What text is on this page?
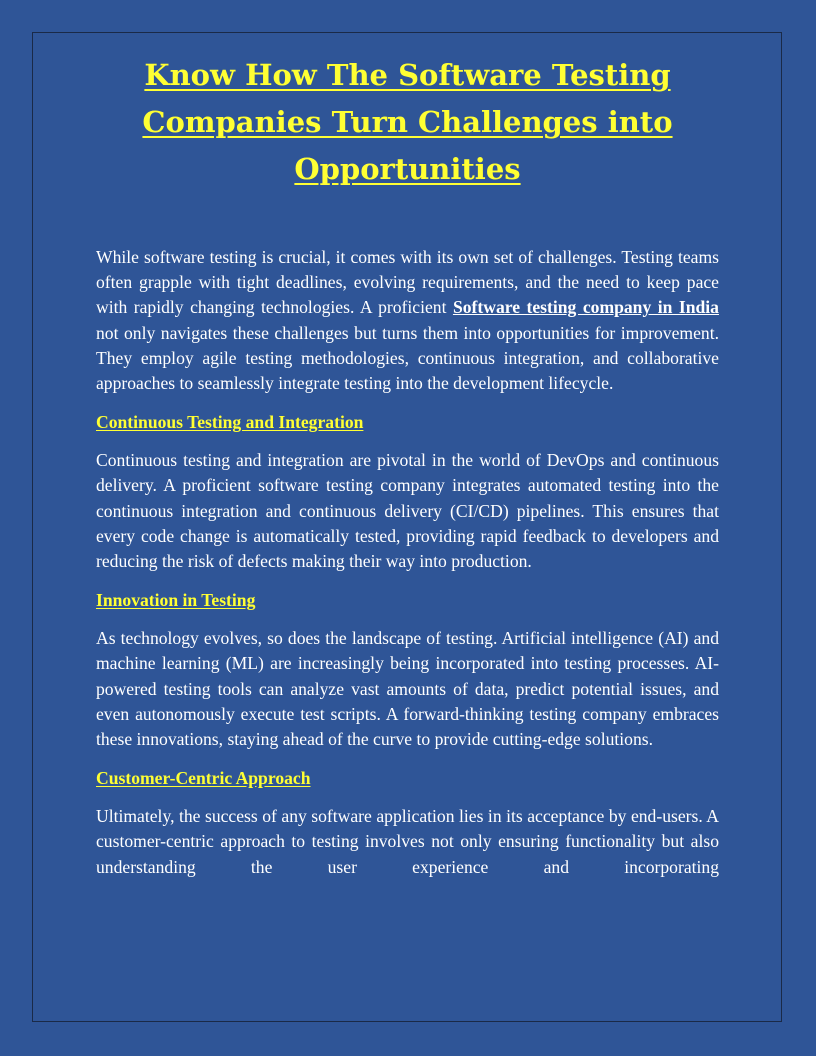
Know How The Software Testing Companies Turn Challenges into Opportunities

While software testing is crucial, it comes with its own set of challenges. Testing teams often grapple with tight deadlines, evolving requirements, and the need to keep pace with rapidly changing technologies. A proficient Software testing company in India not only navigates these challenges but turns them into opportunities for improvement. They employ agile testing methodologies, continuous integration, and collaborative approaches to seamlessly integrate testing into the development lifecycle.

Continuous Testing and Integration

Continuous testing and integration are pivotal in the world of DevOps and continuous delivery. A proficient software testing company integrates automated testing into the continuous integration and continuous delivery (CI/CD) pipelines. This ensures that every code change is automatically tested, providing rapid feedback to developers and reducing the risk of defects making their way into production.

Innovation in Testing

As technology evolves, so does the landscape of testing. Artificial intelligence (AI) and machine learning (ML) are increasingly being incorporated into testing processes. AI-powered testing tools can analyze vast amounts of data, predict potential issues, and even autonomously execute test scripts. A forward-thinking testing company embraces these innovations, staying ahead of the curve to provide cutting-edge solutions.

Customer-Centric Approach

Ultimately, the success of any software application lies in its acceptance by end-users. A customer-centric approach to testing involves not only ensuring functionality but also understanding the user experience and incorporating
